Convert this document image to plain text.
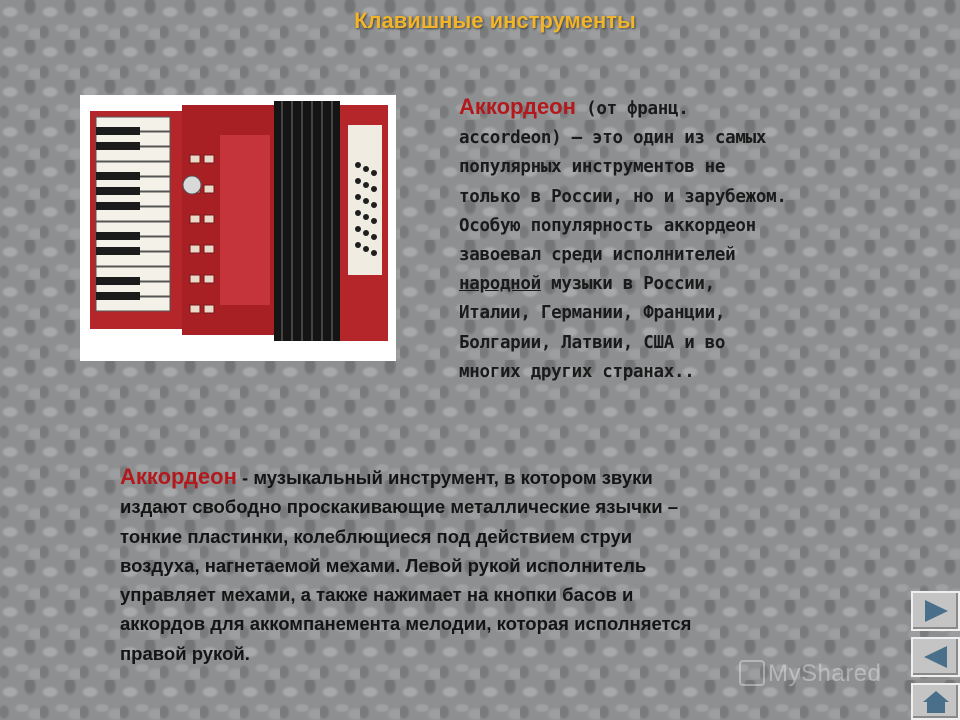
Клавишные инструменты
Аккордеон (от франц.
accordeon) – это один из самых
популярных инструментов не
только в России, но и зарубежом.
Особую популярность аккордеон
завоевал среди исполнителей
народной музыки в России,
Италии, Германии, Франции,
Болгарии, Латвии, США и во
многих других странах..
Аккордеон - музыкальный инструмент, в котором звуки
издают свободно проскакивающие металлические язычки –
тонкие пластинки, колеблющиеся под действием струи
воздуха, нагнетаемой мехами. Левой рукой исполнитель
управляет мехами, а также нажимает на кнопки басов и
аккордов для аккомпанемента мелодии, которая исполняется
правой рукой.
MyShared
